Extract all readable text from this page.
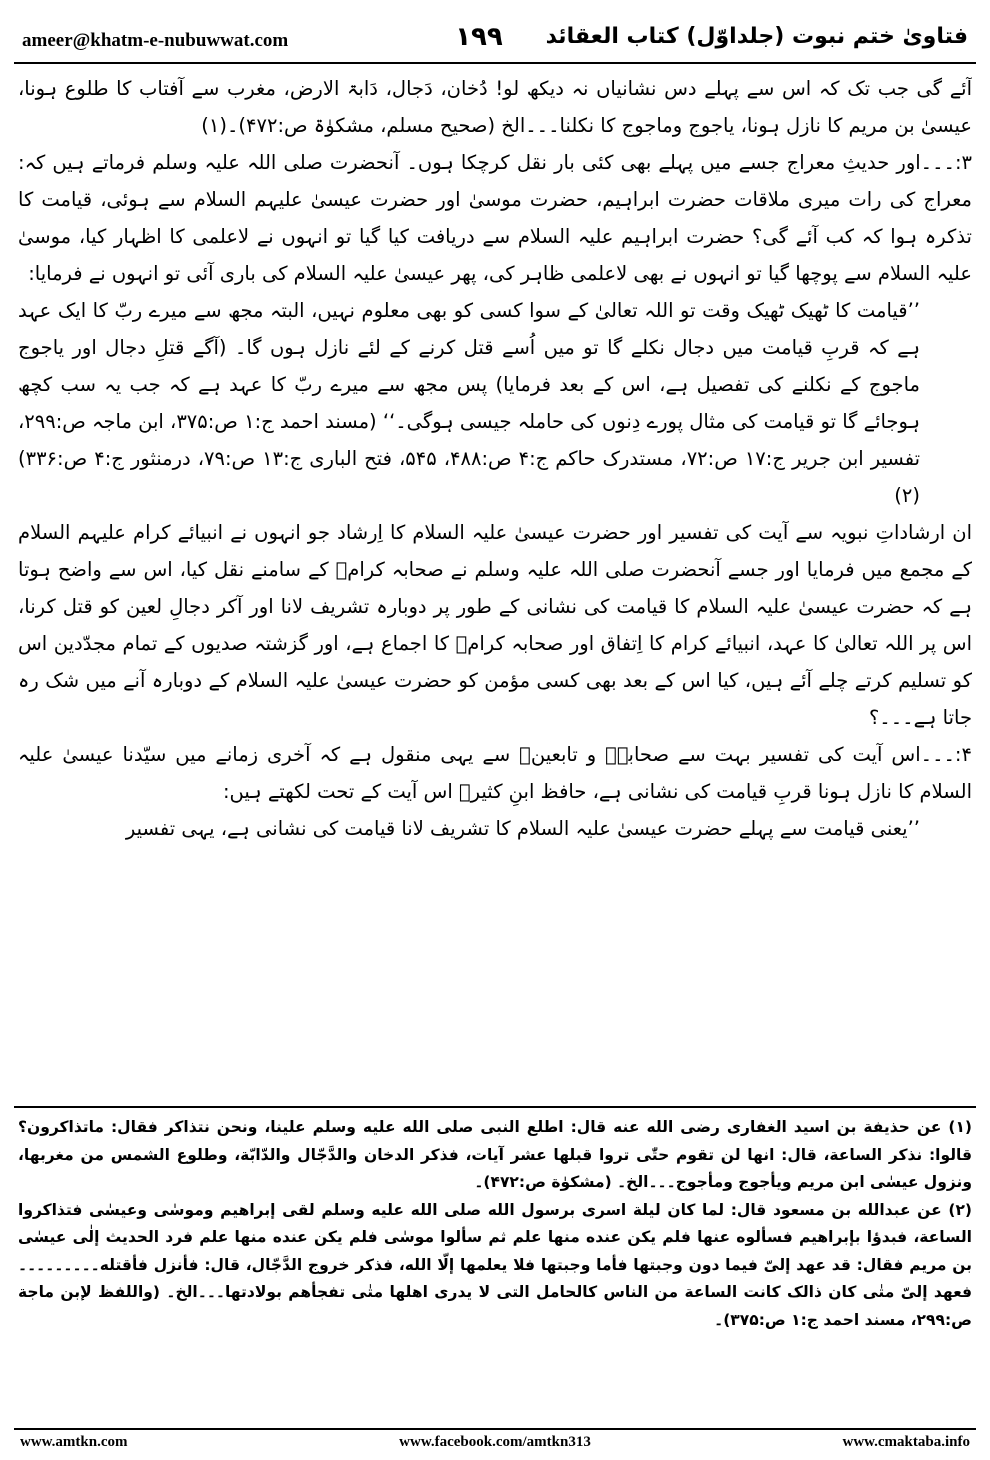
ameer@khatm-e-nubuwwat.com	۱۹۹	فتاویٰ ختم نبوت (جلداوّل) کتاب العقائد

آئے گی جب تک کہ اس سے پہلے دس نشانیاں نہ دیکھ لو! دُخان، دَجال، دَابۃ الارض، مغرب سے آفتاب کا طلوع ہونا، عیسیٰ بن مریم کا نازل ہونا، یاجوج وماجوج کا نکلنا۔۔۔الخ (صحیح مسلم، مشکوٰۃ ص:۴۷۲)۔(۱)

۳:۔۔۔اور حدیثِ معراج جسے میں پہلے بھی کئی بار نقل کرچکا ہوں۔ آنحضرت صلی اللہ علیہ وسلم فرماتے ہیں کہ: معراج کی رات میری ملاقات حضرت ابراہیم، حضرت موسیٰ اور حضرت عیسیٰ علیہم السلام سے ہوئی، قیامت کا تذکرہ ہوا کہ کب آئے گی؟ حضرت ابراہیم علیہ السلام سے دریافت کیا گیا تو انہوں نے لاعلمی کا اظہار کیا، موسیٰ علیہ السلام سے پوچھا گیا تو انہوں نے بھی لاعلمی ظاہر کی، پھر عیسیٰ علیہ السلام کی باری آئی تو انہوں نے فرمایا:

’’قیامت کا ٹھیک ٹھیک وقت تو اللہ تعالیٰ کے سوا کسی کو بھی معلوم نہیں، البتہ مجھ سے میرے ربّ کا ایک عہد ہے کہ قربِ قیامت میں دجال نکلے گا تو میں اُسے قتل کرنے کے لئے نازل ہوں گا۔ (آگے قتلِ دجال اور یاجوج ماجوج کے نکلنے کی تفصیل ہے، اس کے بعد فرمایا) پس مجھ سے میرے ربّ کا عہد ہے کہ جب یہ سب کچھ ہوجائے گا تو قیامت کی مثال پورے دِنوں کی حاملہ جیسی ہوگی۔‘‘ (مسند احمد ج:۱ ص:۳۷۵، ابن ماجہ ص:۲۹۹، تفسیر ابن جریر ج:۱۷ ص:۷۲، مستدرک حاکم ج:۴ ص:۴۸۸، ۵۴۵، فتح الباری ج:۱۳ ص:۷۹، درمنثور ج:۴ ص:۳۳۶)(۲)

ان ارشاداتِ نبویہ سے آیت کی تفسیر اور حضرت عیسیٰ علیہ السلام کا اِرشاد جو انہوں نے انبیائے کرام علیہم السلام کے مجمع میں فرمایا اور جسے آنحضرت صلی اللہ علیہ وسلم نے صحابہ کرامؓ کے سامنے نقل کیا، اس سے واضح ہوتا ہے کہ حضرت عیسیٰ علیہ السلام کا قیامت کی نشانی کے طور پر دوبارہ تشریف لانا اور آکر دجالِ لعین کو قتل کرنا، اس پر اللہ تعالیٰ کا عہد، انبیائے کرام کا اِتفاق اور صحابہ کرامؓ کا اجماع ہے، اور گزشتہ صدیوں کے تمام مجدّدین اس کو تسلیم کرتے چلے آئے ہیں، کیا اس کے بعد بھی کسی مؤمن کو حضرت عیسیٰ علیہ السلام کے دوبارہ آنے میں شک رہ جاتا ہے۔۔۔؟

۴:۔۔۔اس آیت کی تفسیر بہت سے صحابہؓ و تابعینؒ سے یہی منقول ہے کہ آخری زمانے میں سیّدنا عیسیٰ علیہ السلام کا نازل ہونا قربِ قیامت کی نشانی ہے، حافظ ابنِ کثیرؒ اس آیت کے تحت لکھتے ہیں:

’’یعنی قیامت سے پہلے حضرت عیسیٰ علیہ السلام کا تشریف لانا قیامت کی نشانی ہے، یہی تفسیر

(۱) عن حذیفة بن اسید الغفاری رضی الله عنه قال: اطلع النبی صلی الله علیه وسلم علینا، ونحن نتذاکر فقال: ماتذاکرون؟ قالوا: نذکر الساعة، قال: انها لن تقوم حتّٰی تروا قبلها عشر آیات، فذکر الدخان والدَّجّال والدّابّة، وطلوع الشمس من مغربها، ونزول عیسٰی ابن مریم ویأجوج ومأجوج۔۔۔الخ۔ (مشکوٰة ص:۴۷۲)۔

(۲) عن عبدالله بن مسعود قال: لما کان لیلة اسری برسول الله صلی الله علیه وسلم لقی إبراهیم وموسٰی وعیسٰی فتذاکروا الساعة، فبدؤا بإبراهیم فسألوه عنها فلم یکن عنده منها علم ثم سألوا موسٰی فلم یکن عنده منها علم فرد الحدیث إلٰی عیسٰی بن مریم فقال: قد عهد إلیّ فیما دون وجبتها فأما وجبتها فلا یعلمها إلّا الله، فذکر خروج الدَّجّال، قال: فأنزل فأقتله۔۔۔۔۔۔۔۔۔ فعهد إلیّ متٰی کان ذالک کانت الساعة من الناس کالحامل التی لا یدری اهلها متٰی تفجأهم بولادتها۔۔۔الخ۔ (واللفظ لإبن ماجة ص:۲۹۹، مسند احمد ج:۱ ص:۳۷۵)۔

www.amtkn.com	www.facebook.com/amtkn313	www.cmaktaba.info
